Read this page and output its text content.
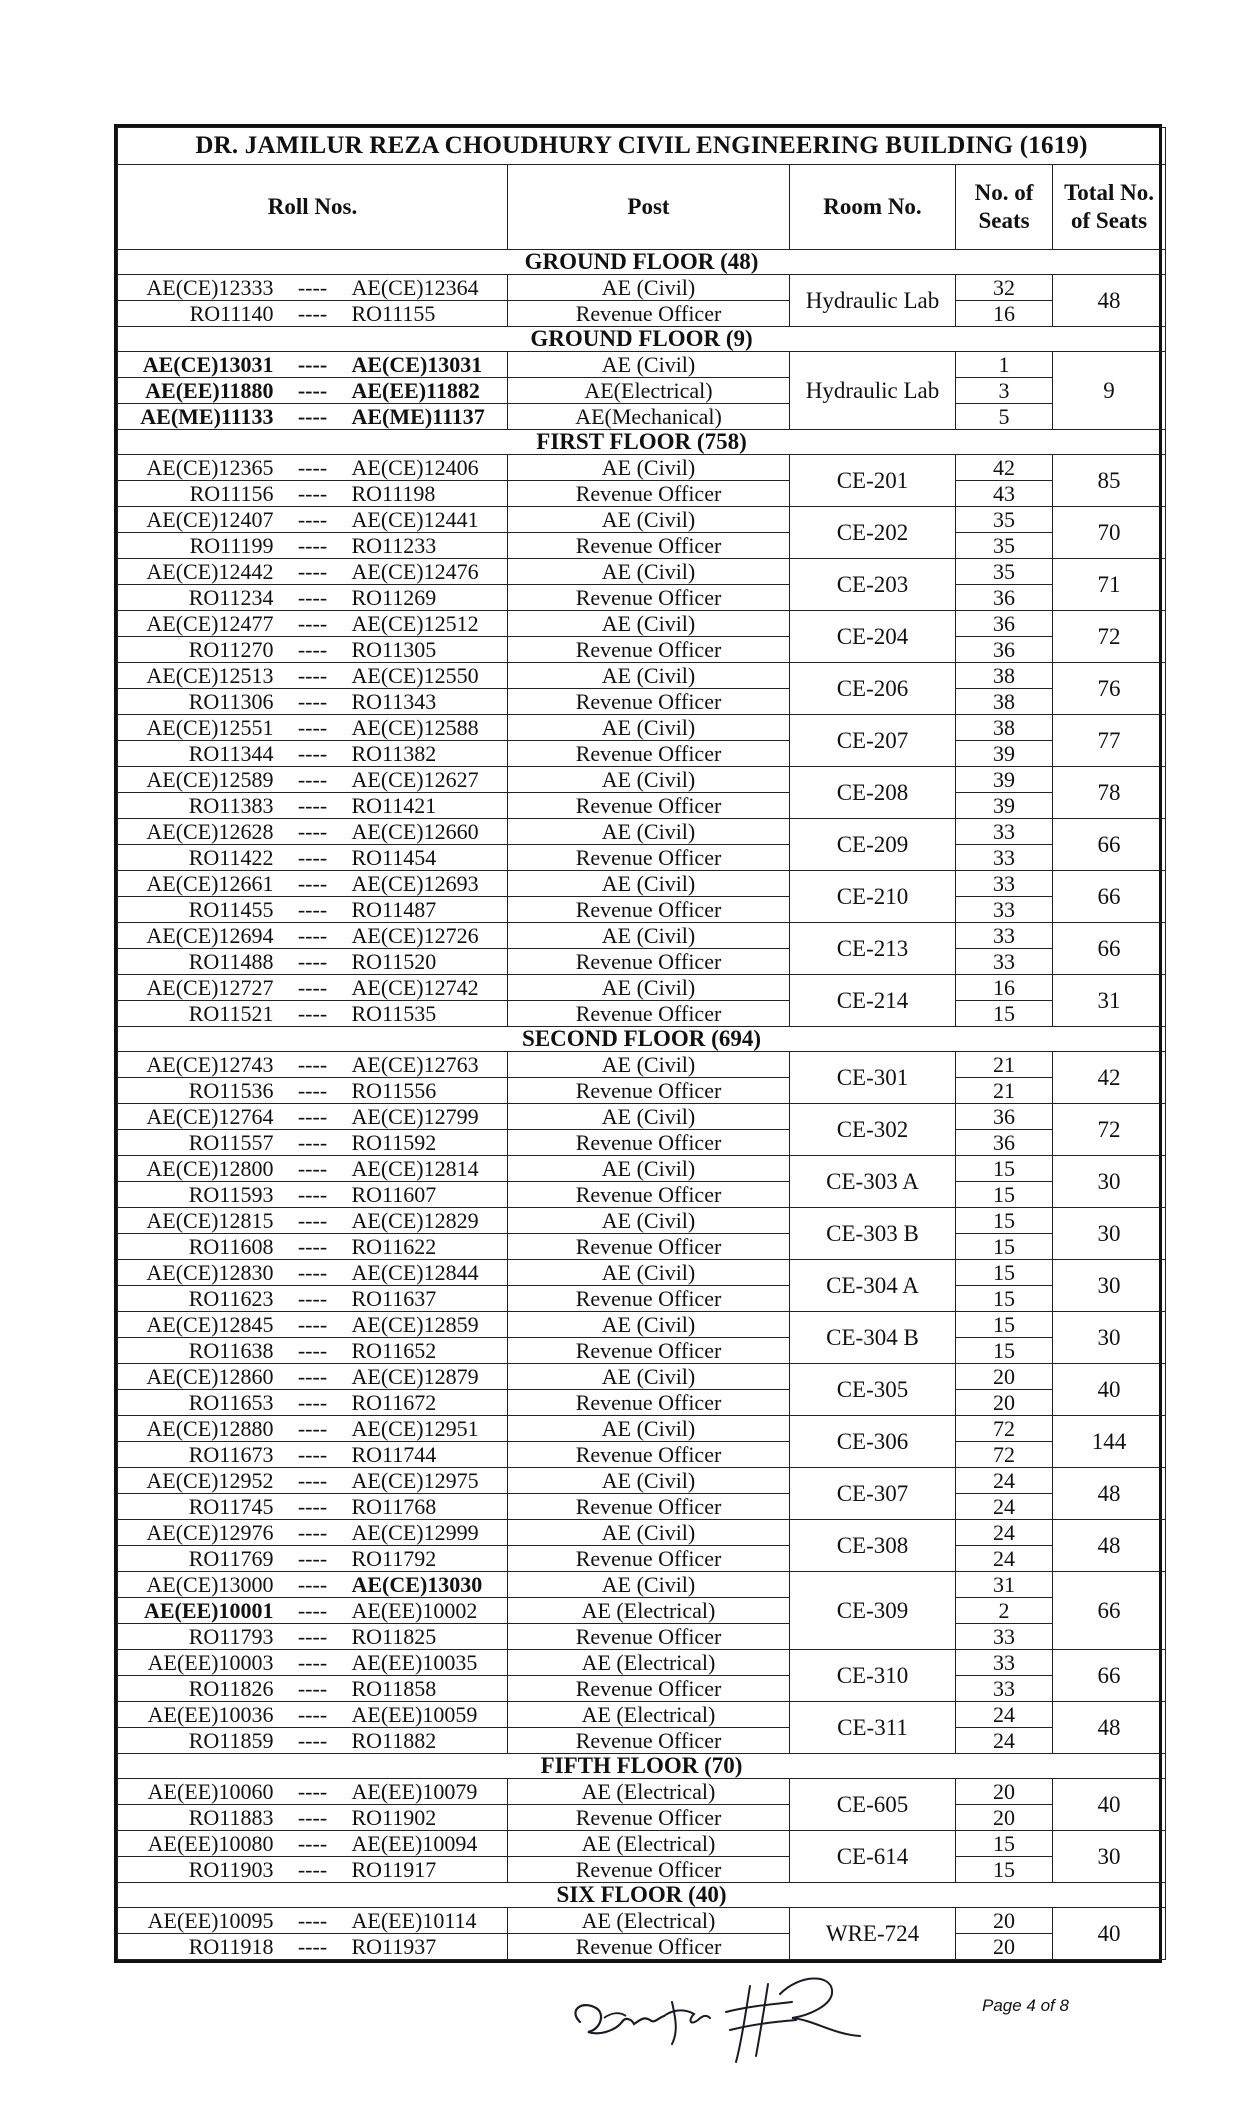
DR. JAMILUR REZA CHOUDHURY CIVIL ENGINEERING BUILDING (1619)				
Roll Nos.	Post	Room No.	No. of Seats	Total No. of Seats
GROUND FLOOR (48)				

AE(CE)12333 ---- AE(CE)12364	AE (Civil)	Hydraulic Lab	32	48

RO11140 ---- RO11155	Revenue Officer		16	
GROUND FLOOR (9)				

AE(CE)13031 ---- AE(CE)13031	AE (Civil)	Hydraulic Lab	1	9

AE(EE)11880 ---- AE(EE)11882	AE(Electrical)		3	

AE(ME)11133 ---- AE(ME)11137	AE(Mechanical)		5	
FIRST FLOOR (758)				

AE(CE)12365 ---- AE(CE)12406	AE (Civil)	CE-201	42	85

RO11156 ---- RO11198	Revenue Officer		43	

AE(CE)12407 ---- AE(CE)12441	AE (Civil)	CE-202	35	70

RO11199 ---- RO11233	Revenue Officer		35	

AE(CE)12442 ---- AE(CE)12476	AE (Civil)	CE-203	35	71

RO11234 ---- RO11269	Revenue Officer		36	

AE(CE)12477 ---- AE(CE)12512	AE (Civil)	CE-204	36	72

RO11270 ---- RO11305	Revenue Officer		36	

AE(CE)12513 ---- AE(CE)12550	AE (Civil)	CE-206	38	76

RO11306 ---- RO11343	Revenue Officer		38	

AE(CE)12551 ---- AE(CE)12588	AE (Civil)	CE-207	38	77

RO11344 ---- RO11382	Revenue Officer		39	

AE(CE)12589 ---- AE(CE)12627	AE (Civil)	CE-208	39	78

RO11383 ---- RO11421	Revenue Officer		39	

AE(CE)12628 ---- AE(CE)12660	AE (Civil)	CE-209	33	66

RO11422 ---- RO11454	Revenue Officer		33	

AE(CE)12661 ---- AE(CE)12693	AE (Civil)	CE-210	33	66

RO11455 ---- RO11487	Revenue Officer		33	

AE(CE)12694 ---- AE(CE)12726	AE (Civil)	CE-213	33	66

RO11488 ---- RO11520	Revenue Officer		33	

AE(CE)12727 ---- AE(CE)12742	AE (Civil)	CE-214	16	31

RO11521 ---- RO11535	Revenue Officer		15	
SECOND FLOOR (694)				

AE(CE)12743 ---- AE(CE)12763	AE (Civil)	CE-301	21	42

RO11536 ---- RO11556	Revenue Officer		21	

AE(CE)12764 ---- AE(CE)12799	AE (Civil)	CE-302	36	72

RO11557 ---- RO11592	Revenue Officer		36	

AE(CE)12800 ---- AE(CE)12814	AE (Civil)	CE-303 A	15	30

RO11593 ---- RO11607	Revenue Officer		15	

AE(CE)12815 ---- AE(CE)12829	AE (Civil)	CE-303 B	15	30

RO11608 ---- RO11622	Revenue Officer		15	

AE(CE)12830 ---- AE(CE)12844	AE (Civil)	CE-304 A	15	30

RO11623 ---- RO11637	Revenue Officer		15	

AE(CE)12845 ---- AE(CE)12859	AE (Civil)	CE-304 B	15	30

RO11638 ---- RO11652	Revenue Officer		15	

AE(CE)12860 ---- AE(CE)12879	AE (Civil)	CE-305	20	40

RO11653 ---- RO11672	Revenue Officer		20	

AE(CE)12880 ---- AE(CE)12951	AE (Civil)	CE-306	72	144

RO11673 ---- RO11744	Revenue Officer		72	

AE(CE)12952 ---- AE(CE)12975	AE (Civil)	CE-307	24	48

RO11745 ---- RO11768	Revenue Officer		24	

AE(CE)12976 ---- AE(CE)12999	AE (Civil)	CE-308	24	48

RO11769 ---- RO11792	Revenue Officer		24	

AE(CE)13000 ---- AE(CE)13030	AE (Civil)	CE-309	31	66

AE(EE)10001 ---- AE(EE)10002	AE (Electrical)		2	

RO11793 ---- RO11825	Revenue Officer		33	

AE(EE)10003 ---- AE(EE)10035	AE (Electrical)	CE-310	33	66

RO11826 ---- RO11858	Revenue Officer		33	

AE(EE)10036 ---- AE(EE)10059	AE (Electrical)	CE-311	24	48

RO11859 ---- RO11882	Revenue Officer		24	
FIFTH FLOOR (70)				

AE(EE)10060 ---- AE(EE)10079	AE (Electrical)	CE-605	20	40

RO11883 ---- RO11902	Revenue Officer		20	

AE(EE)10080 ---- AE(EE)10094	AE (Electrical)	CE-614	15	30

RO11903 ---- RO11917	Revenue Officer		15	
SIX FLOOR (40)				

AE(EE)10095 ---- AE(EE)10114	AE (Electrical)	WRE-724	20	40

RO11918 ---- RO11937	Revenue Officer		20	
Page 4 of 8
